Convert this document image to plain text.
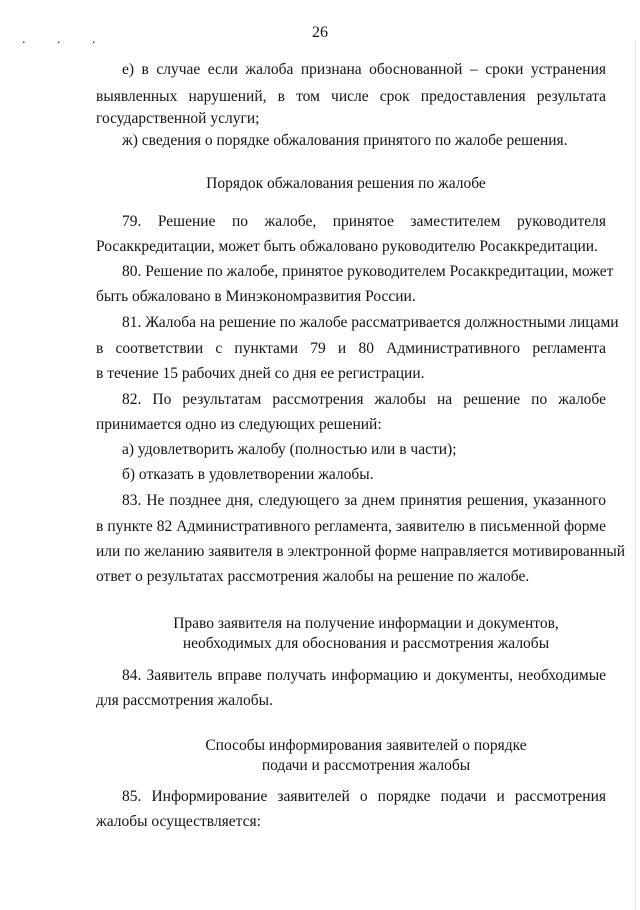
. . .	26
е) в случае если жалоба признана обоснованной – сроки устранения
выявленных нарушений, в том числе срок предоставления результата
государственной услуги;
ж) сведения о порядке обжалования принятого по жалобе решения.
Порядок обжалования решения по жалобе
79. Решение по жалобе, принятое заместителем руководителя
Росаккредитации, может быть обжаловано руководителю Росаккредитации.
80. Решение по жалобе, принятое руководителем Росаккредитации, может
быть обжаловано в Минэкономразвития России.
81. Жалоба на решение по жалобе рассматривается должностными лицами
в соответствии с пунктами 79 и 80 Административного регламента
в течение 15 рабочих дней со дня ее регистрации.
82. По результатам рассмотрения жалобы на решение по жалобе
принимается одно из следующих решений:
а) удовлетворить жалобу (полностью или в части);
б) отказать в удовлетворении жалобы.
83. Не позднее дня, следующего за днем принятия решения, указанного
в пункте 82 Административного регламента, заявителю в письменной форме
или по желанию заявителя в электронной форме направляется мотивированный
ответ о результатах рассмотрения жалобы на решение по жалобе.
Право заявителя на получение информации и документов,
необходимых для обоснования и рассмотрения жалобы
84. Заявитель вправе получать информацию и документы, необходимые
для рассмотрения жалобы.
Способы информирования заявителей о порядке
подачи и рассмотрения жалобы
85. Информирование заявителей о порядке подачи и рассмотрения
жалобы осуществляется:
